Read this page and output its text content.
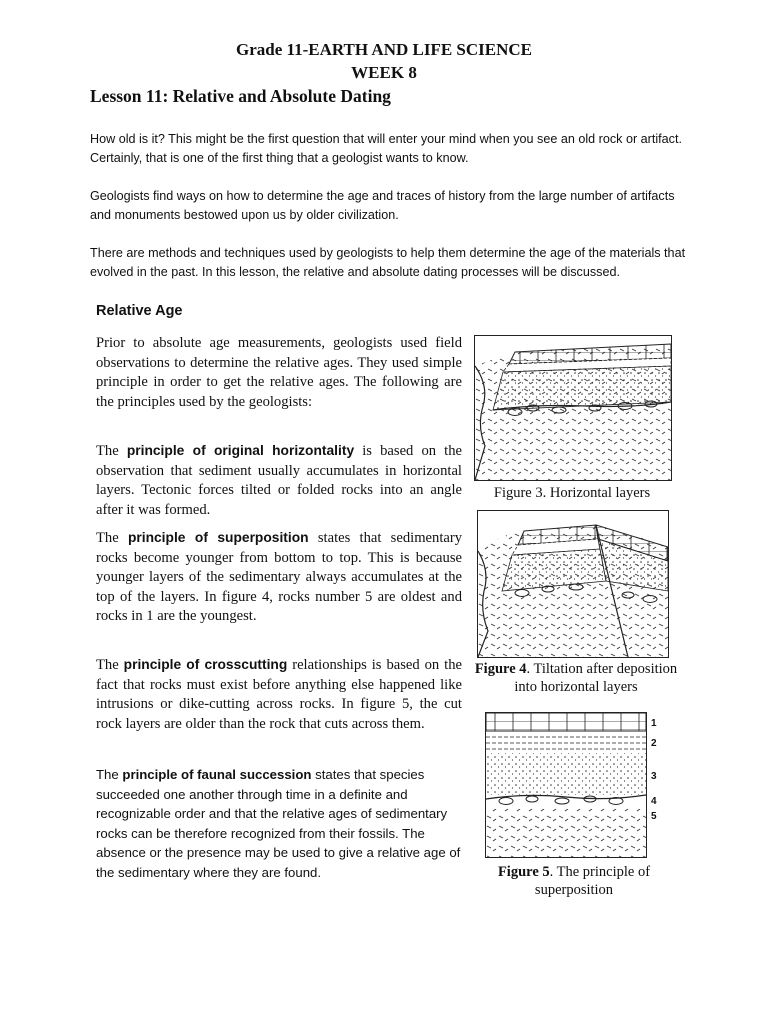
Grade 11-EARTH AND LIFE SCIENCE
WEEK 8
Lesson 11: Relative and Absolute Dating
How old is it? This might be the first question that will enter your mind when you see an old rock or artifact. Certainly, that is one of the first thing that a geologist wants to know.
Geologists find ways on how to determine the age and traces of history from the large number of artifacts and monuments bestowed upon us by older civilization.
There are methods and techniques used by geologists to help them determine the age of the materials that evolved in the past. In this lesson, the relative and absolute dating processes will be discussed.
Relative Age
Prior to absolute age measurements, geologists used field observations to determine the relative ages. They used simple principle in order to get the relative ages. The following are the principles used by the geologists:
The principle of original horizontality is based on the observation that sediment usually accumulates in horizontal layers. Tectonic forces tilted or folded rocks into an angle after it was formed.
The principle of superposition states that sedimentary rocks become younger from bottom to top. This is because younger layers of the sedimentary always accumulates at the top of the layers. In figure 4, rocks number 5 are oldest and rocks in 1 are the youngest.
The principle of crosscutting relationships is based on the fact that rocks must exist before anything else happened like intrusions or dike-cutting across rocks. In figure 5, the cut rock layers are older than the rock that cuts across them.
The principle of faunal succession states that species succeeded one another through time in a definite and recognizable order and that the relative ages of sedimentary rocks can be therefore recognized from their fossils. The absence or the presence may be used to give a relative age of the sedimentary where they are found.
Figure 3. Horizontal layers
Figure 4. Tiltation after deposition into horizontal layers
1
2
3
4
5
Figure 5. The principle of superposition
